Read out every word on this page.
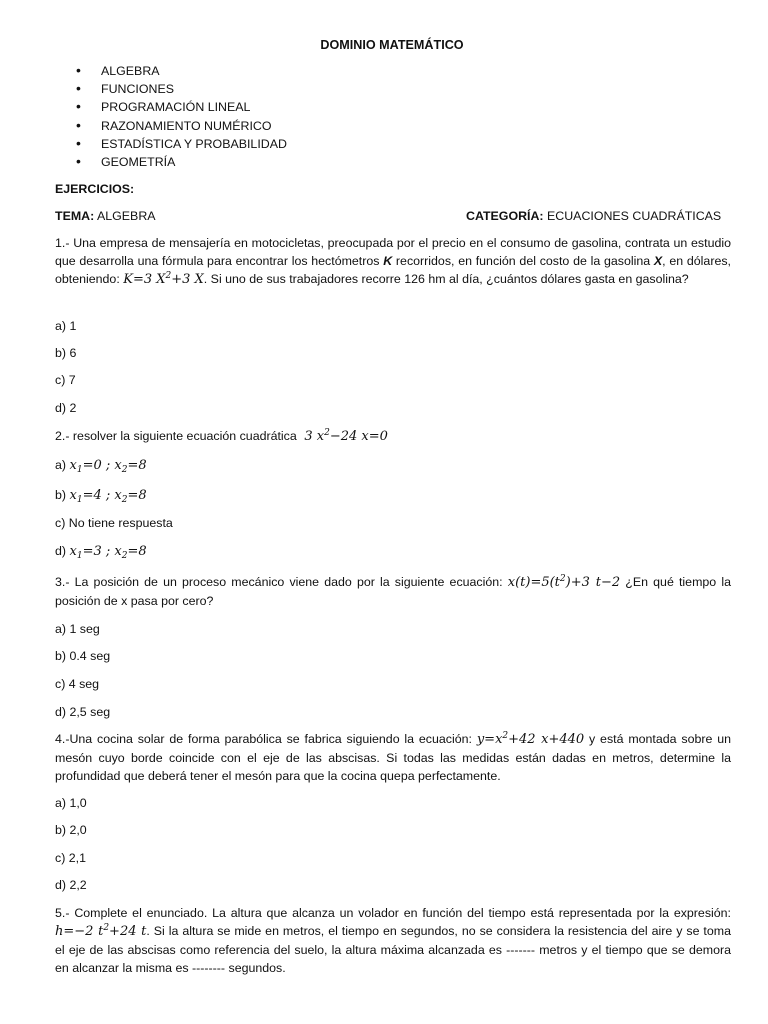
DOMINIO MATEMÁTICO
• ALGEBRA
• FUNCIONES
• PROGRAMACIÓN LINEAL
• RAZONAMIENTO NUMÉRICO
• ESTADÍSTICA Y PROBABILIDAD
• GEOMETRÍA
EJERCICIOS:
TEMA: ALGEBRA	CATEGORÍA: ECUACIONES CUADRÁTICAS
1.- Una empresa de mensajería en motocicletas, preocupada por el precio en el consumo de gasolina, contrata un estudio que desarrolla una fórmula para encontrar los hectómetros K recorridos, en función del costo de la gasolina X, en dólares, obteniendo: K=3 $X^2+3$ X. Si uno de sus trabajadores recorre 126 hm al día, ¿cuántos dólares gasta en gasolina?
a) 1
b) 6
c) 7
d) 2
2.- resolver la siguiente ecuación cuadrática  3 $x^2-24$ x=0
a) $x_1=0$ ; $x_2=8$
b) $x_1=4$ ; $x_2=8$
c) No tiene respuesta
d) $x_1=3$ ; $x_2=8$
3.- La posición de un proceso mecánico viene dado por la siguiente ecuación: $x(t)=5(t^2)+3$ t−2 ¿En qué tiempo la posición de x pasa por cero?
a) 1 seg
b) 0.4 seg
c) 4 seg
d) 2,5 seg
4.-Una cocina solar de forma parabólica se fabrica siguiendo la ecuación: $y=x^2+42$ x+440 y está montada sobre un mesón cuyo borde coincide con el eje de las abscisas. Si todas las medidas están dadas en metros, determine la profundidad que deberá tener el mesón para que la cocina quepa perfectamente.
a) 1,0
b) 2,0
c) 2,1
d) 2,2
5.- Complete el enunciado. La altura que alcanza un volador en función del tiempo está representada por la expresión: h=−2 $t^2+24$ t. Si la altura se mide en metros, el tiempo en segundos, no se considera la resistencia del aire y se toma el eje de las abscisas como referencia del suelo, la altura máxima alcanzada es ------- metros y el tiempo que se demora en alcanzar la misma es -------- segundos.
